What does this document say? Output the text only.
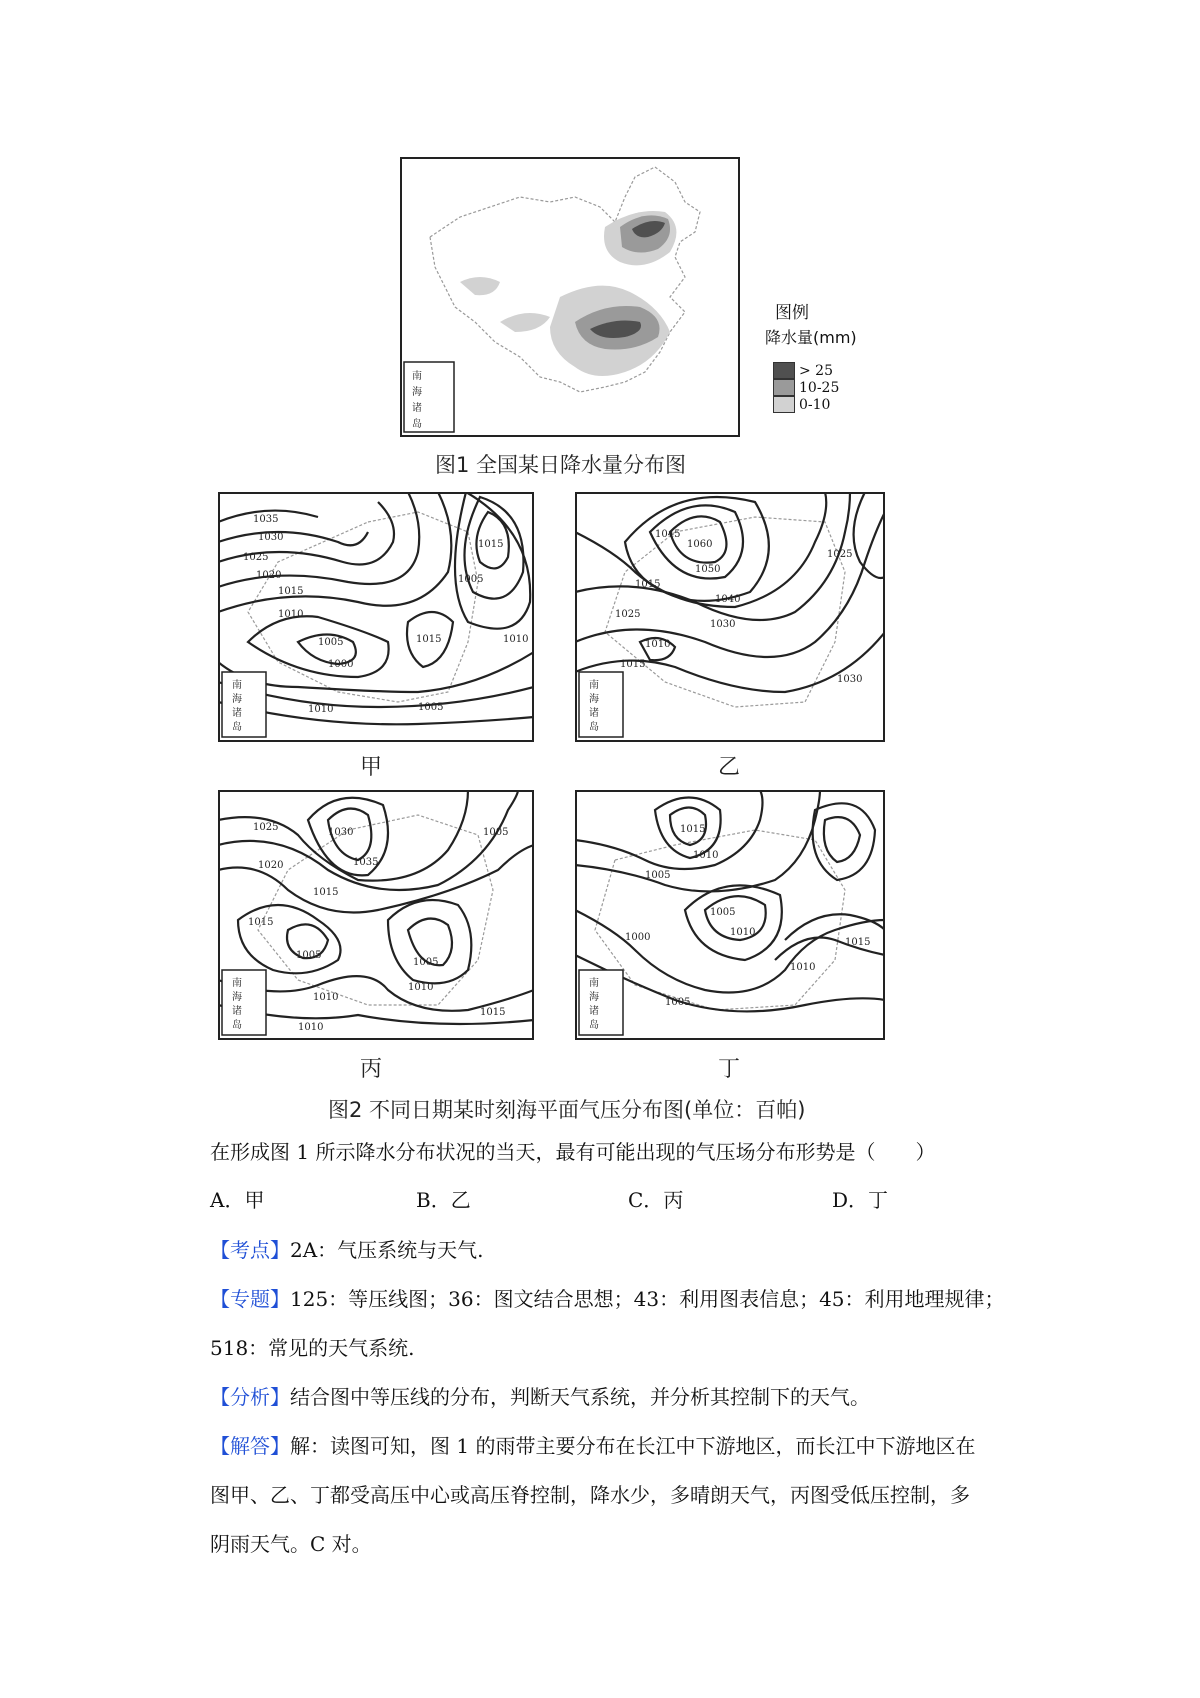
南
海
诸
岛
图例
降水量(mm)
> 25
10-25
0-10
图1 全国某日降水量分布图
1035
1030
1025
1020
1015
1010
1005
1000
1015
1015
1005
1010
1010	1005
南
海
诸
岛
甲
1060
1050
1040
1045
1015
1025
1030
1015
1025
1010
1030
南
海
诸
岛
乙
1025	1030
1035
1020
1015
1015
1005
1005
1010
1010
1010
1005
1015
南
海
诸
岛
丙
1015
1010
1005
1005
1010
1000	1015
1010
1005
南
海
诸
岛
丁
图2 不同日期某时刻海平面气压分布图(单位：百帕)
在形成图 1 所示降水分布状况的当天，最有可能出现的气压场分布形势是（　　）
A．甲	B．乙	C．丙	D．丁
【考点】2A：气压系统与天气.
【专题】125：等压线图；36：图文结合思想；43：利用图表信息；45：利用地理规律；
518：常见的天气系统.
【分析】结合图中等压线的分布，判断天气系统，并分析其控制下的天气。
【解答】解：读图可知，图 1 的雨带主要分布在长江中下游地区，而长江中下游地区在
图甲、乙、丁都受高压中心或高压脊控制，降水少，多晴朗天气，丙图受低压控制，多
阴雨天气。C 对。
